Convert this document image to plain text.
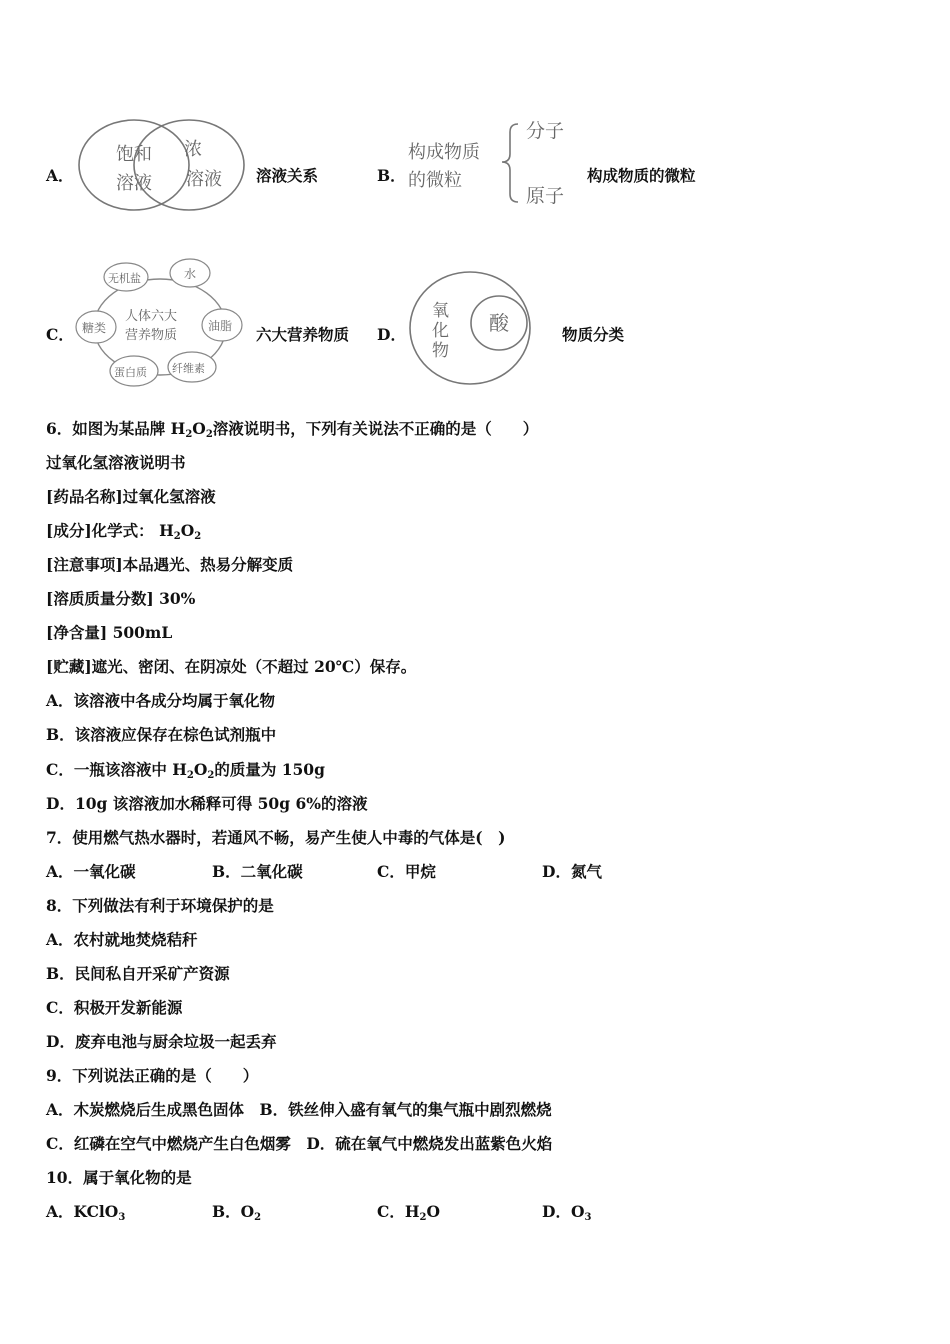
A．
饱和
溶液
浓
溶液 溶液关系	B．
构成物质
的微粒
分子
原子
构成物质的微粒
C．
人体六大
营养物质
无机盐	水
油脂
纤维素
蛋白质
糖类	六大营养物质 D．
氧
化
物
酸	物质分类
6．如图为某品牌 $H_2O_2$溶液说明书，下列有关说法不正确的是（　　）
过氧化氢溶液说明书
[药品名称]过氧化氢溶液
[成分]化学式： $H_2O_2$
[注意事项]本品遇光、热易分解变质
[溶质质量分数] 30%
[净含量] 500mL
[贮藏]遮光、密闭、在阴凉处（不超过 20℃）保存。
A．该溶液中各成分均属于氧化物
B．该溶液应保存在棕色试剂瓶中
C．一瓶该溶液中 $H_2O_2$的质量为 150g
D．10g 该溶液加水稀释可得 50g 6%的溶液
7．使用燃气热水器时，若通风不畅，易产生使人中毒的气体是(　)
A．一氧化碳	B．二氧化碳	C．甲烷	D．氮气
8．下列做法有利于环境保护的是
A．农村就地焚烧秸秆
B．民间私自开采矿产资源
C．积极开发新能源
D．废弃电池与厨余垃圾一起丢弃
9．下列说法正确的是（　　）
A．木炭燃烧后生成黑色固体　B．铁丝伸入盛有氧气的集气瓶中剧烈燃烧
C．红磷在空气中燃烧产生白色烟雾　D．硫在氧气中燃烧发出蓝紫色火焰
10．属于氧化物的是
A．KClO$_3$	B．$O_2$	C．$H_2O$	D．$O_3$
